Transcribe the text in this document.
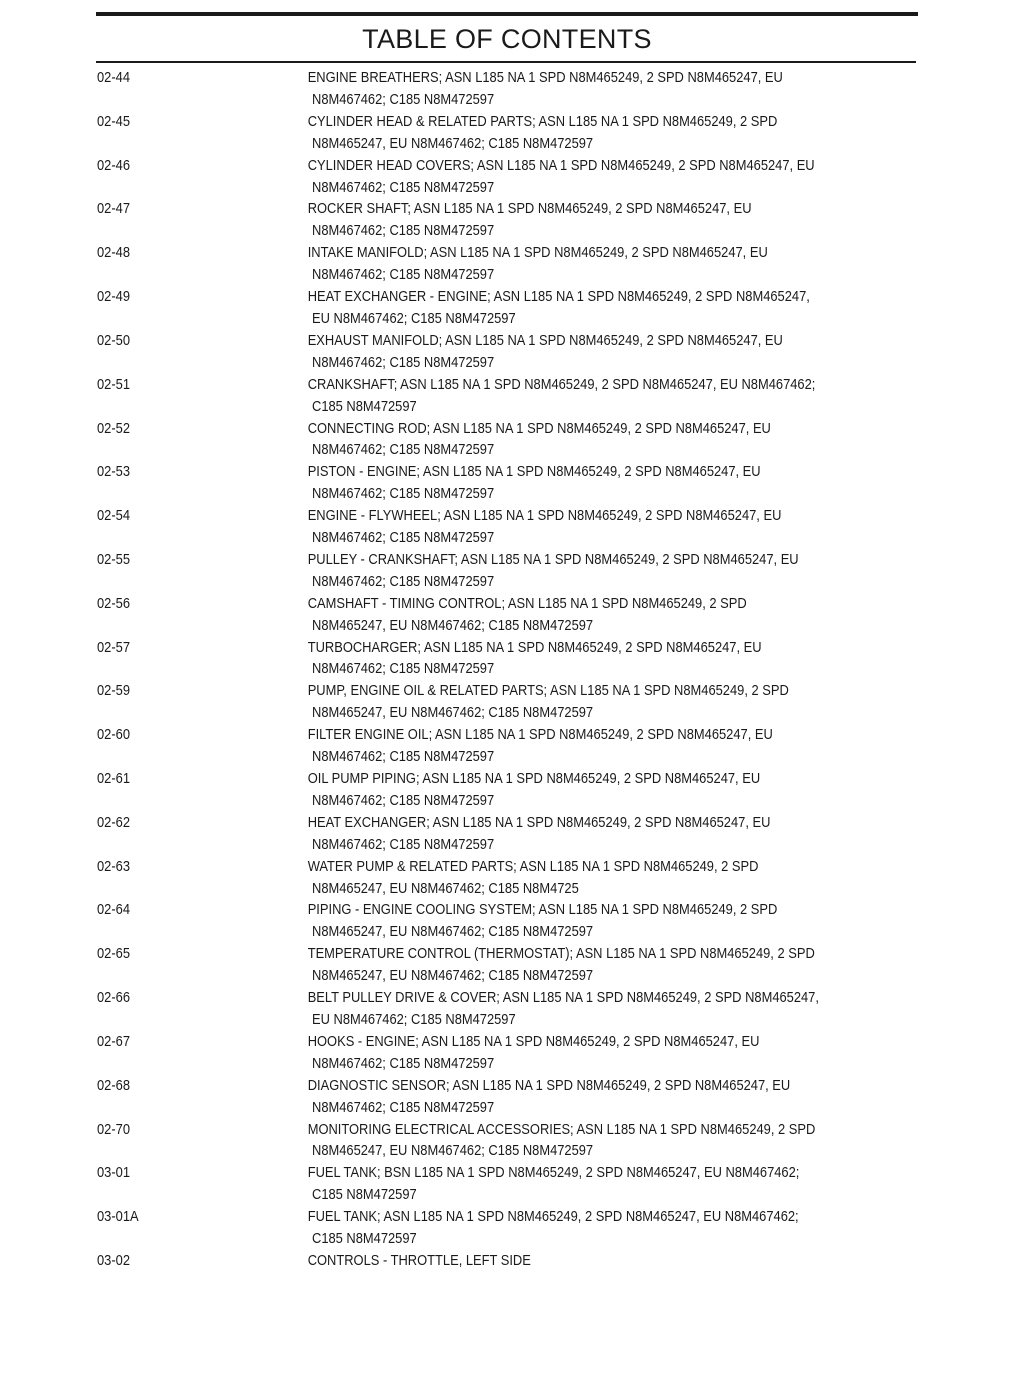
TABLE OF CONTENTS
02-44	ENGINE BREATHERS; ASN L185 NA 1 SPD N8M465249, 2 SPD N8M465247, EU
N8M467462; C185 N8M472597
02-45	CYLINDER HEAD & RELATED PARTS; ASN L185 NA 1 SPD N8M465249, 2 SPD
N8M465247, EU N8M467462; C185 N8M472597
02-46	CYLINDER HEAD COVERS; ASN L185 NA 1 SPD N8M465249, 2 SPD N8M465247, EU
N8M467462; C185 N8M472597
02-47	ROCKER SHAFT; ASN L185 NA 1 SPD N8M465249, 2 SPD N8M465247, EU
N8M467462; C185 N8M472597
02-48	INTAKE MANIFOLD; ASN L185 NA 1 SPD N8M465249, 2 SPD N8M465247, EU
N8M467462; C185 N8M472597
02-49	HEAT EXCHANGER - ENGINE; ASN L185 NA 1 SPD N8M465249, 2 SPD N8M465247,
EU N8M467462; C185 N8M472597
02-50	EXHAUST MANIFOLD; ASN L185 NA 1 SPD N8M465249, 2 SPD N8M465247, EU
N8M467462; C185 N8M472597
02-51	CRANKSHAFT; ASN L185 NA 1 SPD N8M465249, 2 SPD N8M465247, EU N8M467462;
C185 N8M472597
02-52	CONNECTING ROD; ASN L185 NA 1 SPD N8M465249, 2 SPD N8M465247, EU
N8M467462; C185 N8M472597
02-53	PISTON - ENGINE; ASN L185 NA 1 SPD N8M465249, 2 SPD N8M465247, EU
N8M467462; C185 N8M472597
02-54	ENGINE - FLYWHEEL; ASN L185 NA 1 SPD N8M465249, 2 SPD N8M465247, EU
N8M467462; C185 N8M472597
02-55	PULLEY - CRANKSHAFT; ASN L185 NA 1 SPD N8M465249, 2 SPD N8M465247, EU
N8M467462; C185 N8M472597
02-56	CAMSHAFT - TIMING CONTROL; ASN L185 NA 1 SPD N8M465249, 2 SPD
N8M465247, EU N8M467462; C185 N8M472597
02-57	TURBOCHARGER; ASN L185 NA 1 SPD N8M465249, 2 SPD N8M465247, EU
N8M467462; C185 N8M472597
02-59	PUMP, ENGINE OIL & RELATED PARTS; ASN L185 NA 1 SPD N8M465249, 2 SPD
N8M465247, EU N8M467462; C185 N8M472597
02-60	FILTER ENGINE OIL; ASN L185 NA 1 SPD N8M465249, 2 SPD N8M465247, EU
N8M467462; C185 N8M472597
02-61	OIL PUMP PIPING; ASN L185 NA 1 SPD N8M465249, 2 SPD N8M465247, EU
N8M467462; C185 N8M472597
02-62	HEAT EXCHANGER; ASN L185 NA 1 SPD N8M465249, 2 SPD N8M465247, EU
N8M467462; C185 N8M472597
02-63	WATER PUMP & RELATED PARTS; ASN L185 NA 1 SPD N8M465249, 2 SPD
N8M465247, EU N8M467462; C185 N8M4725
02-64	PIPING - ENGINE COOLING SYSTEM; ASN L185 NA 1 SPD N8M465249, 2 SPD
N8M465247, EU N8M467462; C185 N8M472597
02-65	TEMPERATURE CONTROL (THERMOSTAT); ASN L185 NA 1 SPD N8M465249, 2 SPD
N8M465247, EU N8M467462; C185 N8M472597
02-66	BELT PULLEY DRIVE & COVER; ASN L185 NA 1 SPD N8M465249, 2 SPD N8M465247,
EU N8M467462; C185 N8M472597
02-67	HOOKS - ENGINE; ASN L185 NA 1 SPD N8M465249, 2 SPD N8M465247, EU
N8M467462; C185 N8M472597
02-68	DIAGNOSTIC SENSOR; ASN L185 NA 1 SPD N8M465249, 2 SPD N8M465247, EU
N8M467462; C185 N8M472597
02-70	MONITORING ELECTRICAL ACCESSORIES; ASN L185 NA 1 SPD N8M465249, 2 SPD
N8M465247, EU N8M467462; C185 N8M472597
03-01	FUEL TANK; BSN L185 NA 1 SPD N8M465249, 2 SPD N8M465247, EU N8M467462;
C185 N8M472597
03-01A	FUEL TANK; ASN L185 NA 1 SPD N8M465249, 2 SPD N8M465247, EU N8M467462;
C185 N8M472597
03-02	CONTROLS - THROTTLE, LEFT SIDE
